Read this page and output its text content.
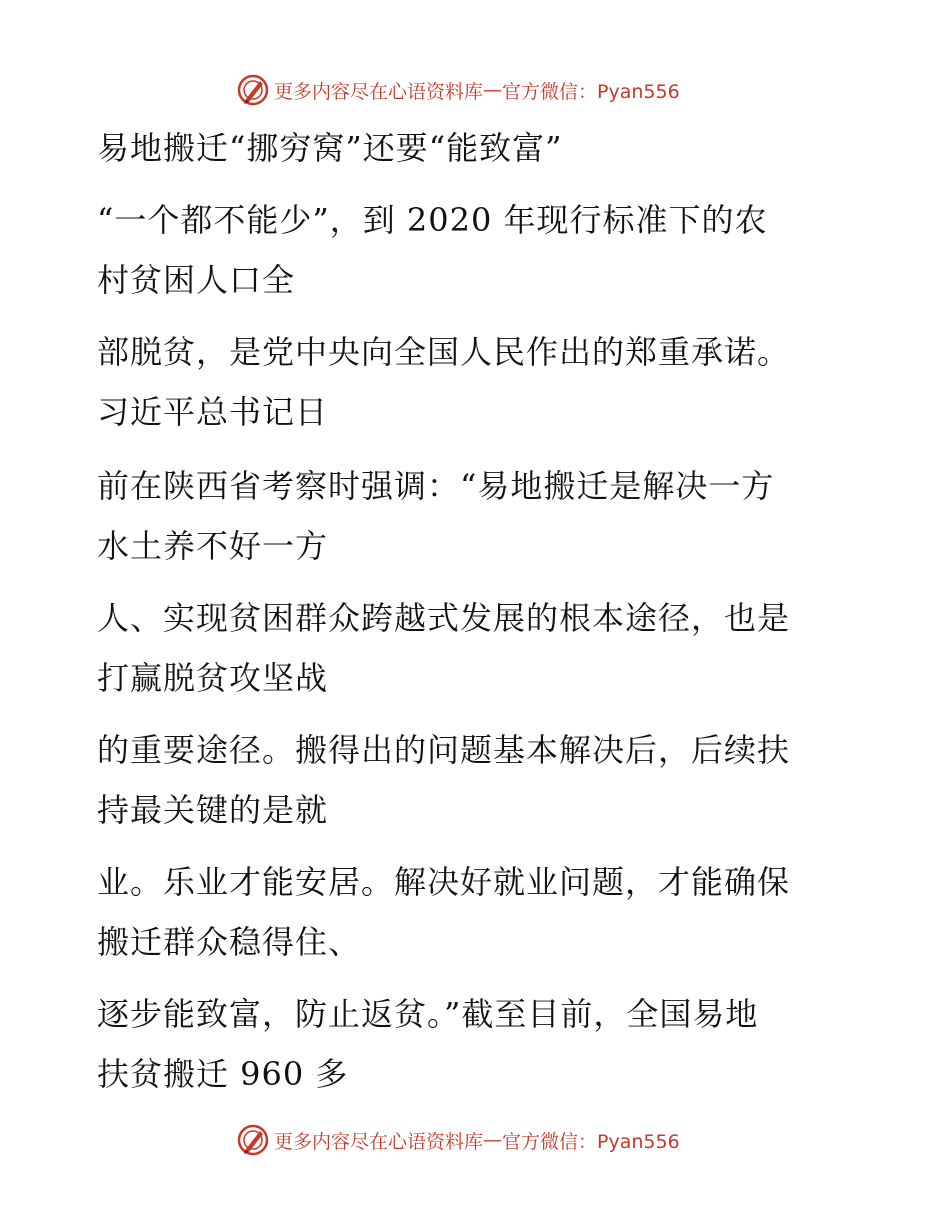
更多内容尽在心语资料库 — 官方微信：Pyan556
易地搬迁“挪穷窝”还要“能致富”
“一个都不能少”，到 2020 年现行标准下的农
村贫困人口全
部脱贫，是党中央向全国人民作出的郑重承诺。
习近平总书记日
前在陕西省考察时强调：“易地搬迁是解决一方
水土养不好一方
人、实现贫困群众跨越式发展的根本途径，也是
打赢脱贫攻坚战
的重要途径。搬得出的问题基本解决后，后续扶
持最关键的是就
业。乐业才能安居。解决好就业问题，才能确保
搬迁群众稳得住、
逐步能致富，防止返贫。”截至目前，全国易地
扶贫搬迁 960 多
更多内容尽在心语资料库 — 官方微信：Pyan556
